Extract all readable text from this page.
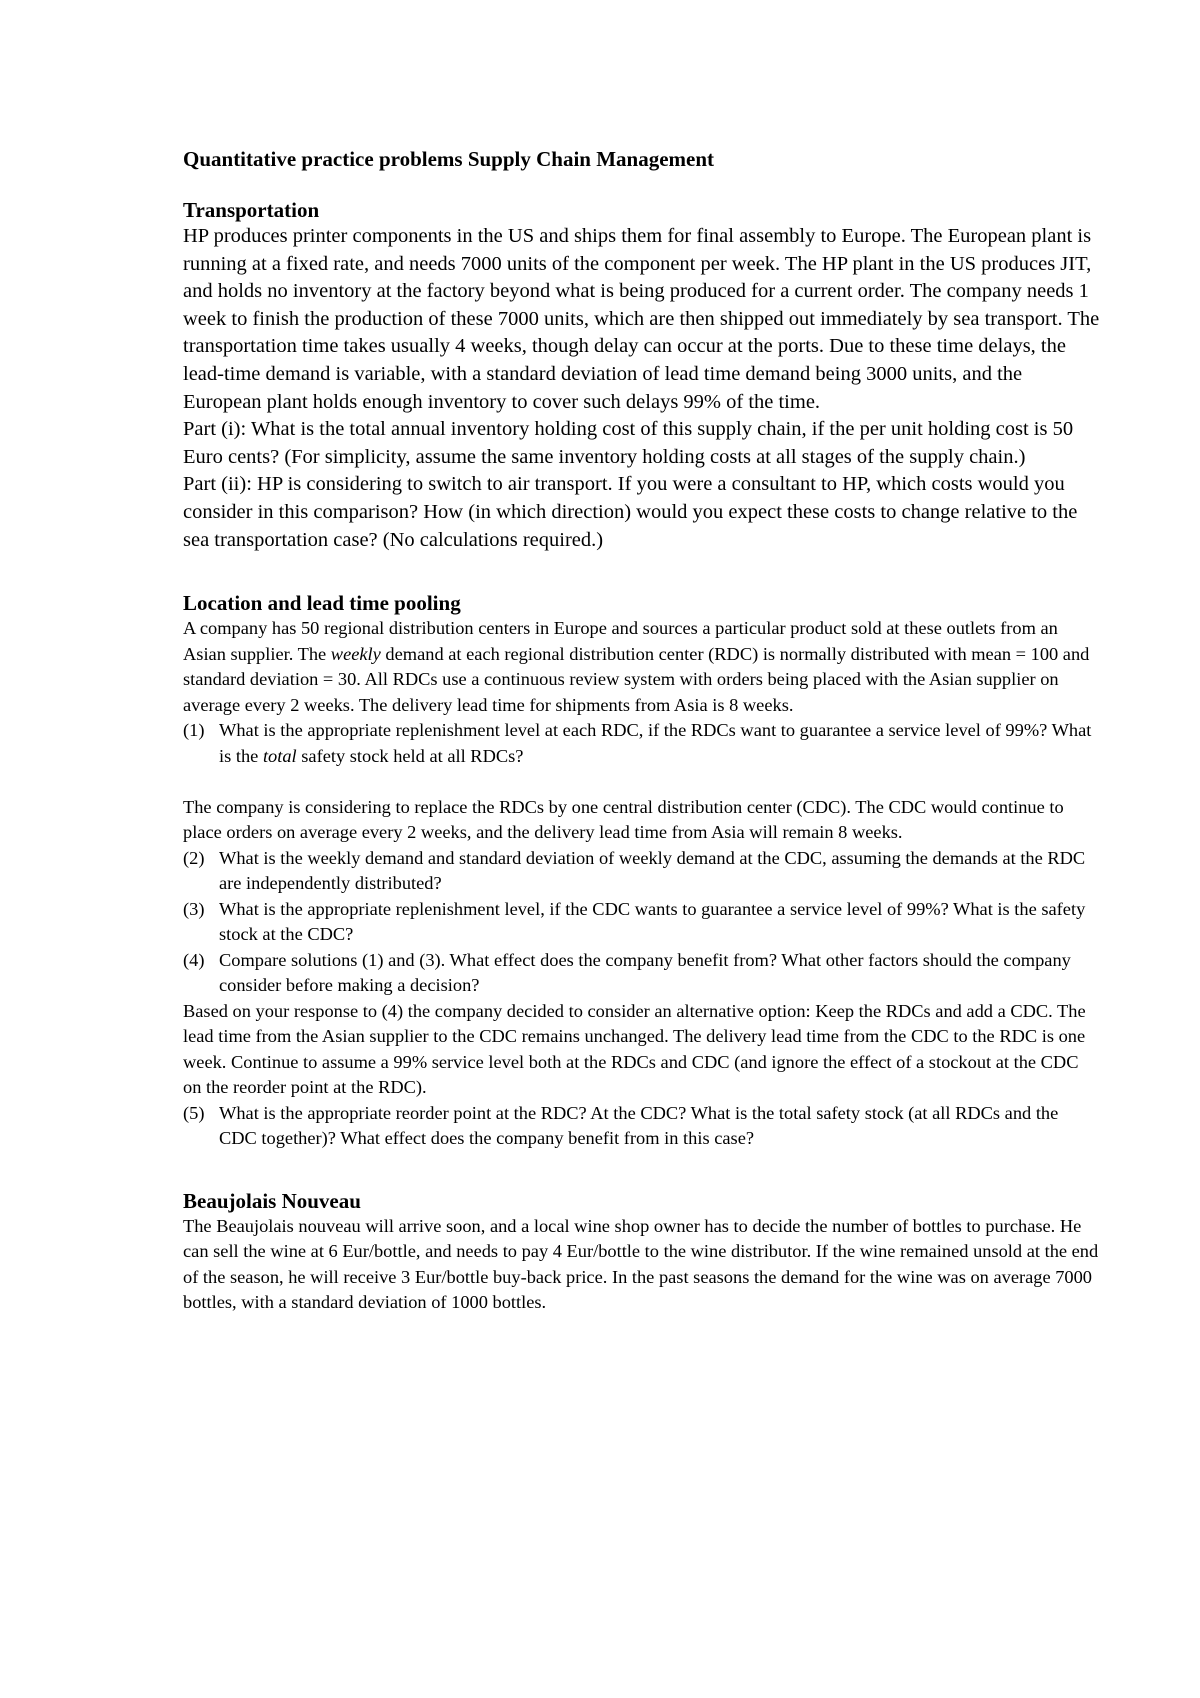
Quantitative practice problems Supply Chain Management
Transportation

HP produces printer components in the US and ships them for final assembly to Europe. The European plant is running at a fixed rate, and needs 7000 units of the component per week. The HP plant in the US produces JIT, and holds no inventory at the factory beyond what is being produced for a current order. The company needs 1 week to finish the production of these 7000 units, which are then shipped out immediately by sea transport. The transportation time takes usually 4 weeks, though delay can occur at the ports. Due to these time delays, the lead-time demand is variable, with a standard deviation of lead time demand being 3000 units, and the European plant holds enough inventory to cover such delays 99% of the time.

Part (i): What is the total annual inventory holding cost of this supply chain, if the per unit holding cost is 50 Euro cents? (For simplicity, assume the same inventory holding costs at all stages of the supply chain.)

Part (ii): HP is considering to switch to air transport. If you were a consultant to HP, which costs would you consider in this comparison? How (in which direction) would you expect these costs to change relative to the sea transportation case? (No calculations required.)

Location and lead time pooling

A company has 50 regional distribution centers in Europe and sources a particular product sold at these outlets from an Asian supplier. The weekly demand at each regional distribution center (RDC) is normally distributed with mean = 100 and standard deviation = 30. All RDCs use a continuous review system with orders being placed with the Asian supplier on average every 2 weeks. The delivery lead time for shipments from Asia is 8 weeks.

(1) What is the appropriate replenishment level at each RDC, if the RDCs want to guarantee a service level of 99%? What is the total safety stock held at all RDCs?

The company is considering to replace the RDCs by one central distribution center (CDC). The CDC would continue to place orders on average every 2 weeks, and the delivery lead time from Asia will remain 8 weeks.

(2) What is the weekly demand and standard deviation of weekly demand at the CDC, assuming the demands at the RDC are independently distributed?
(3) What is the appropriate replenishment level, if the CDC wants to guarantee a service level of 99%? What is the safety stock at the CDC?
(4) Compare solutions (1) and (3). What effect does the company benefit from? What other factors should the company consider before making a decision?

Based on your response to (4) the company decided to consider an alternative option: Keep the RDCs and add a CDC. The lead time from the Asian supplier to the CDC remains unchanged. The delivery lead time from the CDC to the RDC is one week. Continue to assume a 99% service level both at the RDCs and CDC (and ignore the effect of a stockout at the CDC on the reorder point at the RDC).

(5) What is the appropriate reorder point at the RDC? At the CDC? What is the total safety stock (at all RDCs and the CDC together)? What effect does the company benefit from in this case?
Beaujolais Nouveau

The Beaujolais nouveau will arrive soon, and a local wine shop owner has to decide the number of bottles to purchase. He can sell the wine at 6 Eur/bottle, and needs to pay 4 Eur/bottle to the wine distributor. If the wine remained unsold at the end of the season, he will receive 3 Eur/bottle buy-back price. In the past seasons the demand for the wine was on average 7000 bottles, with a standard deviation of 1000 bottles.
